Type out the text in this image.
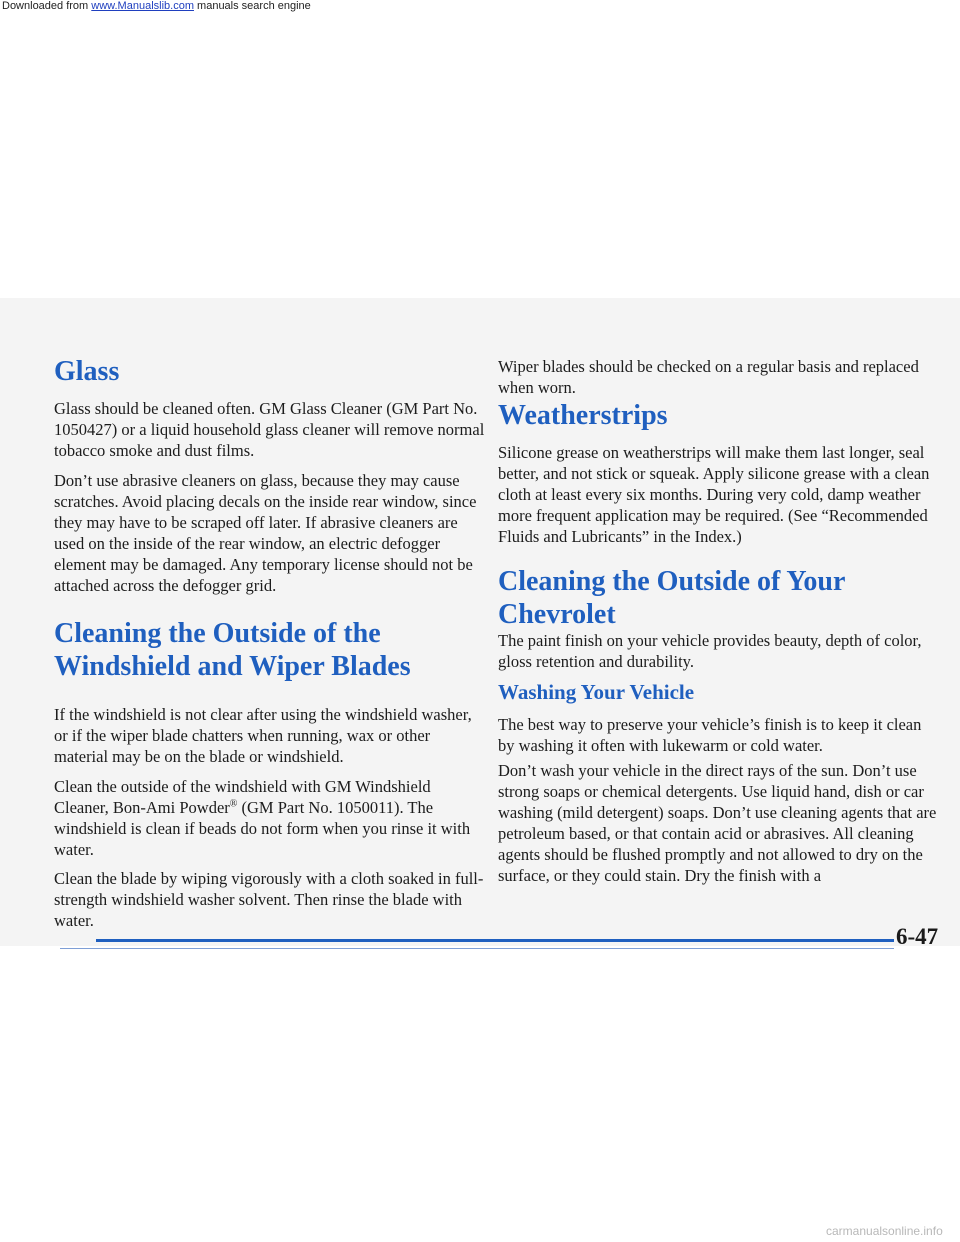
Downloaded from www.Manualslib.com manuals search engine
Glass

Glass should be cleaned often. GM Glass Cleaner (GM Part No. 1050427) or a liquid household glass cleaner will remove normal tobacco smoke and dust films.

Don’t use abrasive cleaners on glass, because they may cause scratches. Avoid placing decals on the inside rear window, since they may have to be scraped off later. If abrasive cleaners are used on the inside of the rear window, an electric defogger element may be damaged. Any temporary license should not be attached across the defogger grid.

Cleaning the Outside of the Windshield and Wiper Blades

If the windshield is not clear after using the windshield washer, or if the wiper blade chatters when running, wax or other material may be on the blade or windshield.

Clean the outside of the windshield with GM Windshield Cleaner, Bon-Ami Powder® (GM Part No. 1050011). The windshield is clean if beads do not form when you rinse it with water.

Clean the blade by wiping vigorously with a cloth soaked in full-strength windshield washer solvent. Then rinse the blade with water.

Wiper blades should be checked on a regular basis and replaced when worn.

Weatherstrips

Silicone grease on weatherstrips will make them last longer, seal better, and not stick or squeak. Apply silicone grease with a clean cloth at least every six months. During very cold, damp weather more frequent application may be required. (See “Recommended Fluids and Lubricants” in the Index.)

Cleaning the Outside of Your Chevrolet

The paint finish on your vehicle provides beauty, depth of color, gloss retention and durability.

Washing Your Vehicle

The best way to preserve your vehicle’s finish is to keep it clean by washing it often with lukewarm or cold water.

Don’t wash your vehicle in the direct rays of the sun. Don’t use strong soaps or chemical detergents. Use liquid hand, dish or car washing (mild detergent) soaps. Don’t use cleaning agents that are petroleum based, or that contain acid or abrasives. All cleaning agents should be flushed promptly and not allowed to dry on the surface, or they could stain. Dry the finish with a

6-47
carmanualsonline.info
